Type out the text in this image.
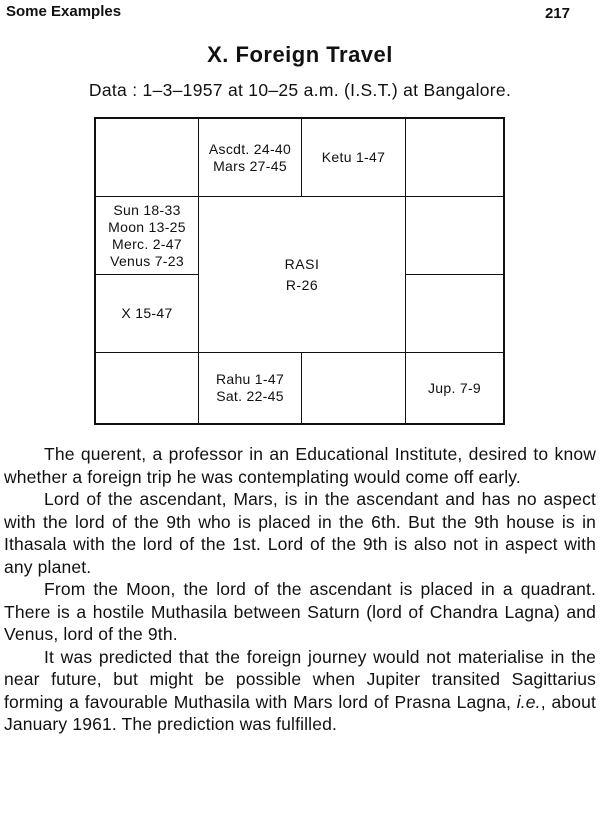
Some Examples	217
X. Foreign Travel
Data : 1–3–1957 at 10–25 a.m. (I.S.T.) at Bangalore.
Ascdt. 24-40
Mars 27-45
Ketu 1-47
Sun 18-33
Moon 13-25
Merc. 2-47
Venus 7-23	RASI
R-26
X 15-47
Rahu 1-47
Sat. 22-45
Jup. 7-9

The querent, a professor in an Educational Institute, desired to know whether a foreign trip he was contemplating would come off early.

Lord of the ascendant, Mars, is in the ascendant and has no aspect with the lord of the 9th who is placed in the 6th. But the 9th house is in Ithasala with the lord of the 1st. Lord of the 9th is also not in aspect with any planet.

From the Moon, the lord of the ascendant is placed in a quadrant. There is a hostile Muthasila between Saturn (lord of Chandra Lagna) and Venus, lord of the 9th.

It was predicted that the foreign journey would not materialise in the near future, but might be possible when Jupiter transited Sagittarius forming a favourable Muthasila with Mars lord of Prasna Lagna, i.e., about January 1961. The prediction was fulfilled.
